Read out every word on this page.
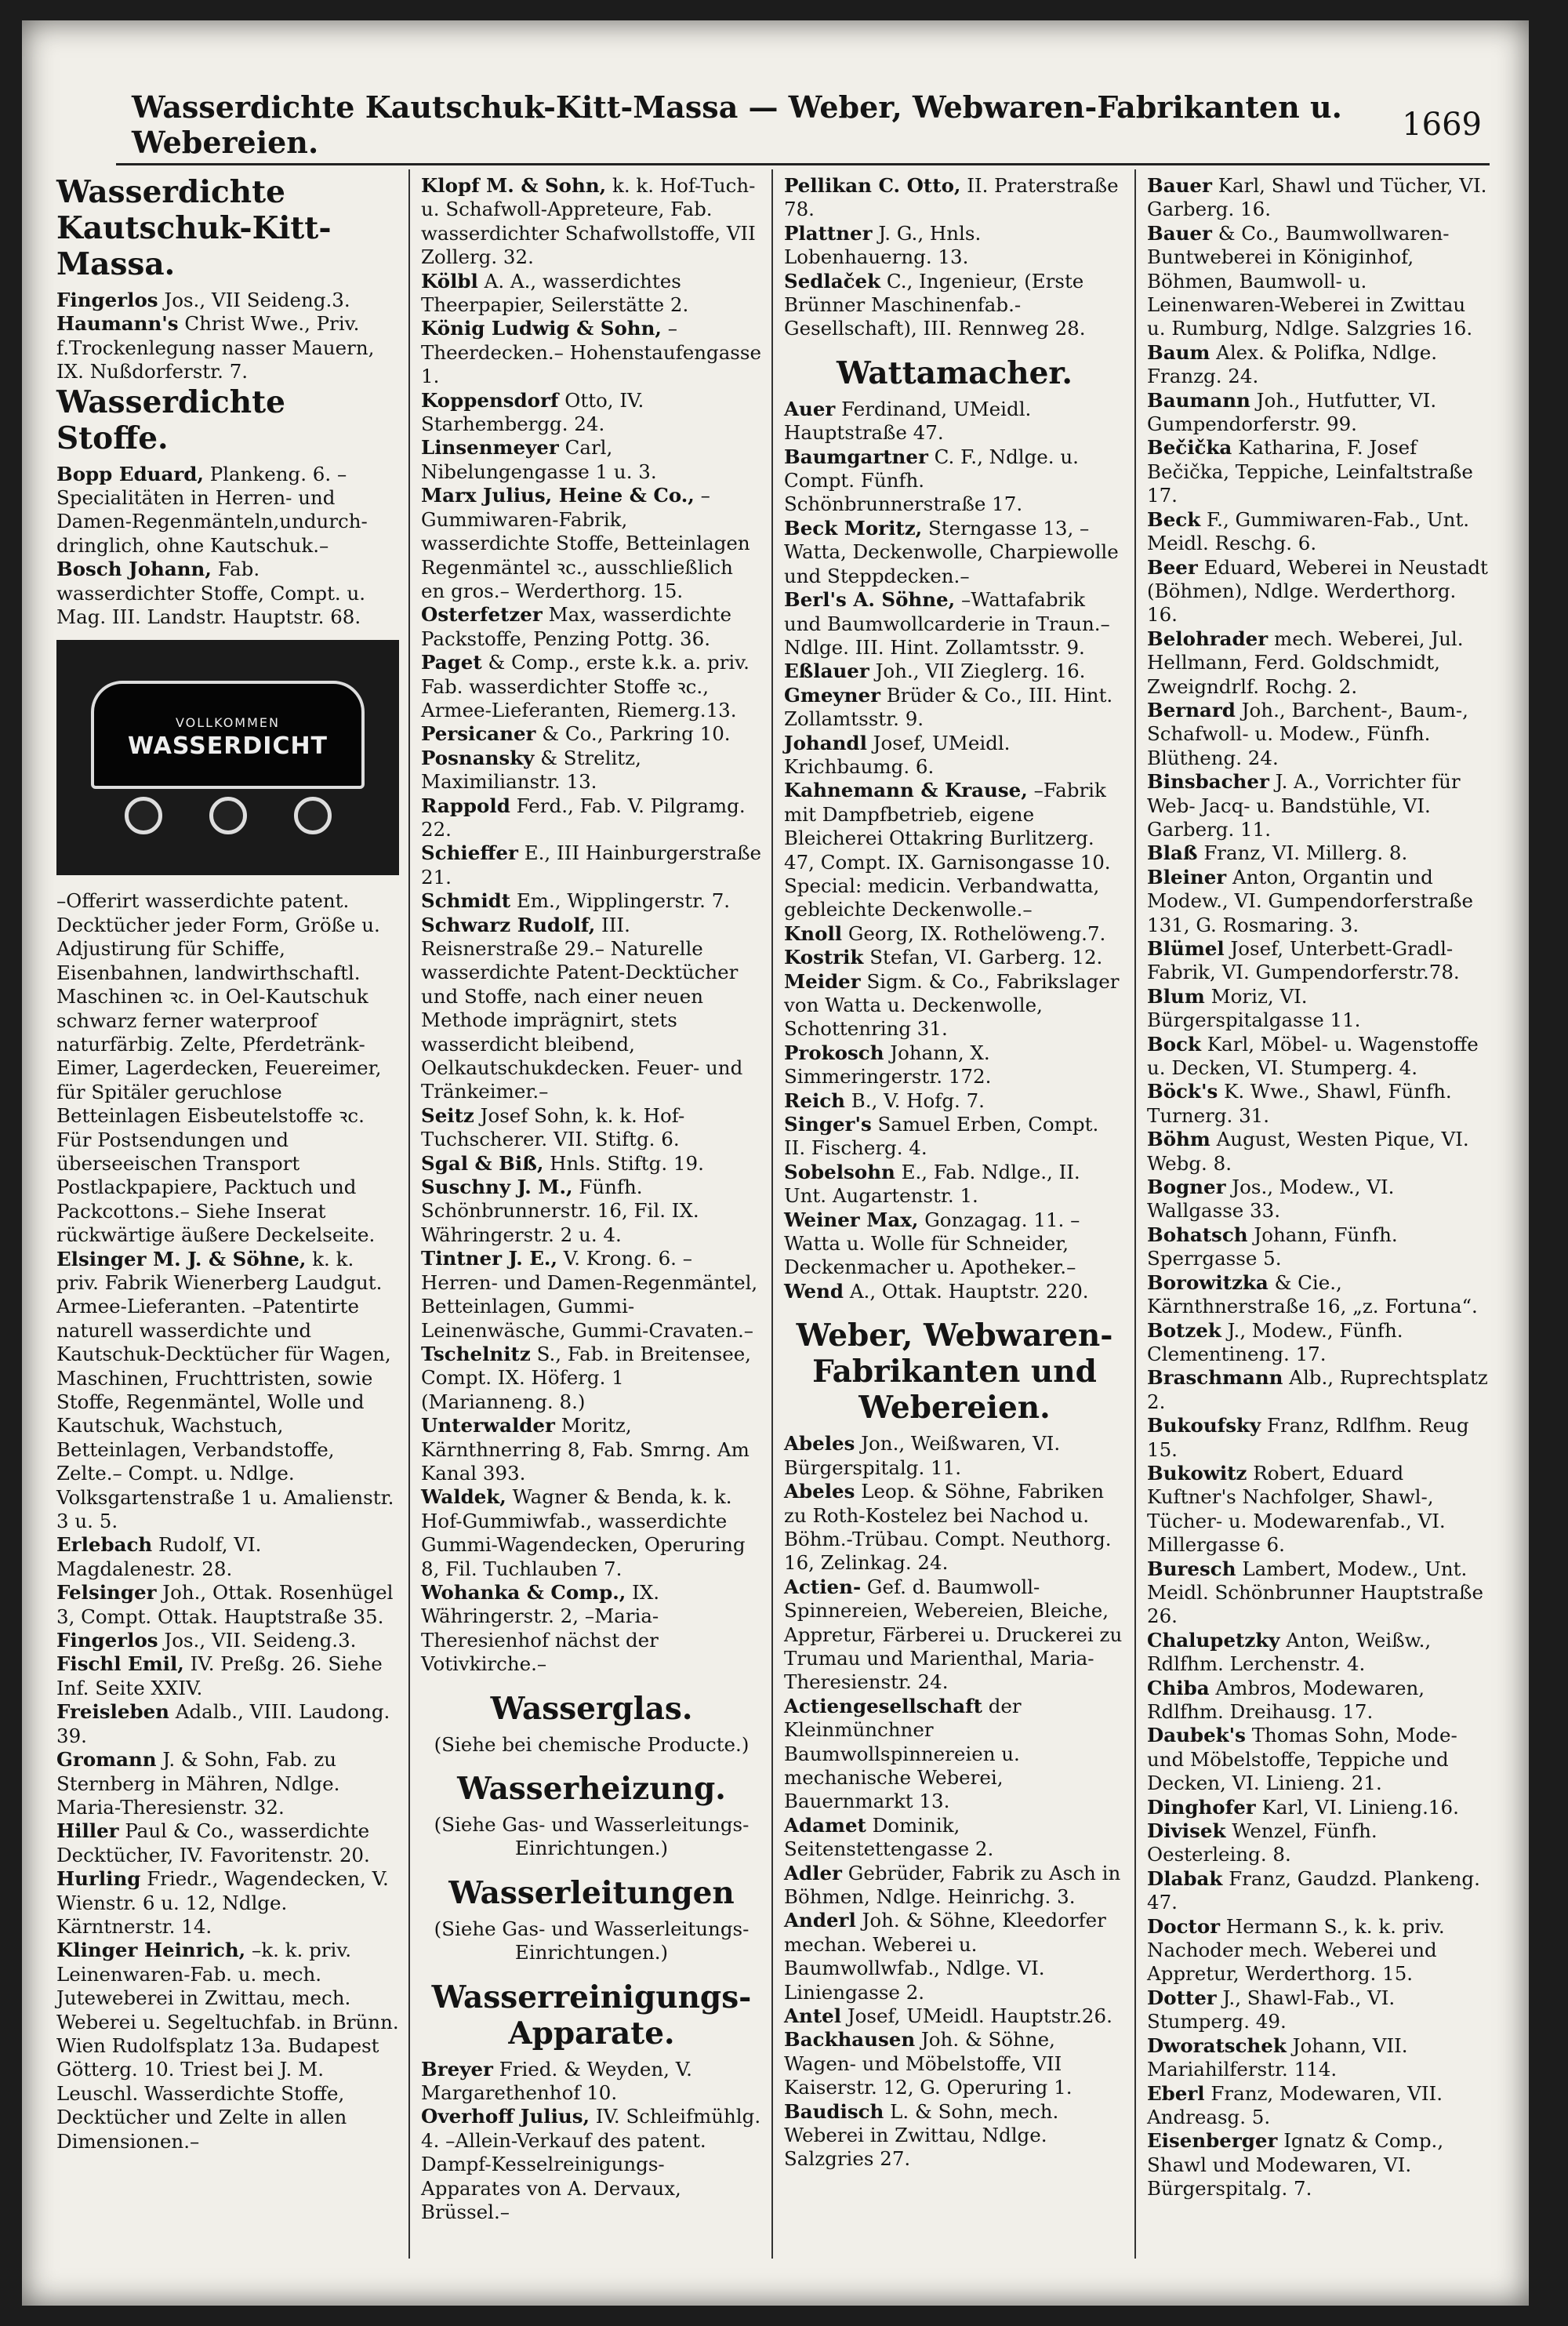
Wasserdichte Kautschuk-Kitt-Massa — Weber, Webwaren-Fabrikanten u. Webereien.	1669
Wasserdichte Kautschuk-Kitt-Massa.

Fingerlos Jos., VII Seideng.3.

Haumann's Christ Wwe., Priv. f.Trockenlegung nasser Mauern, IX. Nußdorferstr. 7.

Wasserdichte Stoffe.

Bopp Eduard, Plankeng. 6. –Specialitäten in Herren- und Damen-Regenmänteln,undurch-dringlich, ohne Kautschuk.–

Bosch Johann, Fab. wasserdichter Stoffe, Compt. u. Mag. III. Landstr. Hauptstr. 68.

VOLLKOMMEN
WASSERDICHT

–Offerirt wasserdichte patent. Decktücher jeder Form, Größe u. Adjustirung für Schiffe, Eisenbahnen, landwirthschaftl. Maschinen ꝛc. in Oel-Kautschuk schwarz ferner waterproof naturfärbig. Zelte, Pferdetränk-Eimer, Lagerdecken, Feuereimer, für Spitäler geruchlose Betteinlagen Eisbeutelstoffe ꝛc. Für Postsendungen und überseeischen Transport Postlackpapiere, Packtuch und Packcottons.– Siehe Inserat rückwärtige äußere Deckelseite.

Elsinger M. J. & Söhne, k. k. priv. Fabrik Wienerberg Laudgut. Armee-Lieferanten. –Patentirte naturell wasserdichte und Kautschuk-Decktücher für Wagen, Maschinen, Fruchttristen, sowie Stoffe, Regenmäntel, Wolle und Kautschuk, Wachstuch, Betteinlagen, Verbandstoffe, Zelte.– Compt. u. Ndlge. Volksgartenstraße 1 u. Amalienstr. 3 u. 5.

Erlebach Rudolf, VI. Magdalenestr. 28.

Felsinger Joh., Ottak. Rosenhügel 3, Compt. Ottak. Hauptstraße 35.

Fingerlos Jos., VII. Seideng.3.

Fischl Emil, IV. Preßg. 26. Siehe Inf. Seite XXIV.

Freisleben Adalb., VIII. Laudong. 39.

Gromann J. & Sohn, Fab. zu Sternberg in Mähren, Ndlge. Maria-Theresienstr. 32.

Hiller Paul & Co., wasserdichte Decktücher, IV. Favoritenstr. 20.

Hurling Friedr., Wagendecken, V. Wienstr. 6 u. 12, Ndlge. Kärntnerstr. 14.

Klinger Heinrich, –k. k. priv. Leinenwaren-Fab. u. mech. Juteweberei in Zwittau, mech. Weberei u. Segeltuchfab. in Brünn. Wien Rudolfsplatz 13a. Budapest Götterg. 10. Triest bei J. M. Leuschl. Wasserdichte Stoffe, Decktücher und Zelte in allen Dimensionen.–

Klopf M. & Sohn, k. k. Hof-Tuch- u. Schafwoll-Appreteure, Fab. wasserdichter Schafwollstoffe, VII Zollerg. 32.

Kölbl A. A., wasserdichtes Theerpapier, Seilerstätte 2.

König Ludwig & Sohn, –Theerdecken.– Hohenstaufengasse 1.

Koppensdorf Otto, IV. Starhembergg. 24.

Linsenmeyer Carl, Nibelungengasse 1 u. 3.

Marx Julius, Heine & Co., –Gummiwaren-Fabrik, wasserdichte Stoffe, Betteinlagen Regenmäntel ꝛc., ausschließlich en gros.– Werderthorg. 15.

Osterfetzer Max, wasserdichte Packstoffe, Penzing Pottg. 36.

Paget & Comp., erste k.k. a. priv. Fab. wasserdichter Stoffe ꝛc., Armee-Lieferanten, Riemerg.13.

Persicaner & Co., Parkring 10.

Posnansky & Strelitz, Maximilianstr. 13.

Rappold Ferd., Fab. V. Pilgramg. 22.

Schieffer E., III Hainburgerstraße 21.

Schmidt Em., Wipplingerstr. 7.

Schwarz Rudolf, III. Reisnerstraße 29.– Naturelle wasserdichte Patent-Decktücher und Stoffe, nach einer neuen Methode imprägnirt, stets wasserdicht bleibend, Oelkautschukdecken. Feuer- und Tränkeimer.–

Seitz Josef Sohn, k. k. Hof-Tuchscherer. VII. Stiftg. 6.

Sgal & Biß, Hnls. Stiftg. 19.

Suschny J. M., Fünfh. Schönbrunnerstr. 16, Fil. IX. Währingerstr. 2 u. 4.

Tintner J. E., V. Krong. 6. –Herren- und Damen-Regenmäntel, Betteinlagen, Gummi-Leinenwäsche, Gummi-Cravaten.–

Tschelnitz S., Fab. in Breitensee, Compt. IX. Höferg. 1 (Marianneng. 8.)

Unterwalder Moritz, Kärnthnerring 8, Fab. Smrng. Am Kanal 393.

Waldek, Wagner & Benda, k. k. Hof-Gummiwfab., wasserdichte Gummi-Wagendecken, Operuring 8, Fil. Tuchlauben 7.

Wohanka & Comp., IX. Währingerstr. 2, –Maria-Theresienhof nächst der Votivkirche.–

Wasserglas.
(Siehe bei chemische Producte.)
Wasserheizung.
(Siehe Gas- und Wasserleitungs-Einrichtungen.)
Wasserleitungen
(Siehe Gas- und Wasserleitungs-Einrichtungen.)
Wasserreinigungs-Apparate.

Breyer Fried. & Weyden, V. Margarethenhof 10.

Overhoff Julius, IV. Schleifmühlg. 4. –Allein-Verkauf des patent. Dampf-Kesselreinigungs-Apparates von A. Dervaux, Brüssel.–

Pellikan C. Otto, II. Praterstraße 78.

Plattner J. G., Hnls. Lobenhauerng. 13.

Sedlaček C., Ingenieur, (Erste Brünner Maschinenfab.-Gesellschaft), III. Rennweg 28.

Wattamacher.

Auer Ferdinand, UMeidl. Hauptstraße 47.

Baumgartner C. F., Ndlge. u. Compt. Fünfh. Schönbrunnerstraße 17.

Beck Moritz, Sterngasse 13, –Watta, Deckenwolle, Charpiewolle und Steppdecken.–

Berl's A. Söhne, –Wattafabrik und Baumwollcarderie in Traun.– Ndlge. III. Hint. Zollamtsstr. 9.

Eßlauer Joh., VII Zieglerg. 16.

Gmeyner Brüder & Co., III. Hint. Zollamtsstr. 9.

Johandl Josef, UMeidl. Krichbaumg. 6.

Kahnemann & Krause, –Fabrik mit Dampfbetrieb, eigene Bleicherei Ottakring Burlitzerg. 47, Compt. IX. Garnisongasse 10. Special: medicin. Verbandwatta, gebleichte Deckenwolle.–

Knoll Georg, IX. Rothelöweng.7.

Kostrik Stefan, VI. Garberg. 12.

Meider Sigm. & Co., Fabrikslager von Watta u. Deckenwolle, Schottenring 31.

Prokosch Johann, X. Simmeringerstr. 172.

Reich B., V. Hofg. 7.

Singer's Samuel Erben, Compt. II. Fischerg. 4.

Sobelsohn E., Fab. Ndlge., II. Unt. Augartenstr. 1.

Weiner Max, Gonzagag. 11. –Watta u. Wolle für Schneider, Deckenmacher u. Apotheker.–

Wend A., Ottak. Hauptstr. 220.

Weber, Webwaren-Fabrikanten und Webereien.

Abeles Jon., Weißwaren, VI. Bürgerspitalg. 11.

Abeles Leop. & Söhne, Fabriken zu Roth-Kostelez bei Nachod u. Böhm.-Trübau. Compt. Neuthorg. 16, Zelinkag. 24.

Actien- Gef. d. Baumwoll-Spinnereien, Webereien, Bleiche, Appretur, Färberei u. Druckerei zu Trumau und Marienthal, Maria-Theresienstr. 24.

Actiengesellschaft der Kleinmünchner Baumwollspinnereien u. mechanische Weberei, Bauernmarkt 13.

Adamet Dominik, Seitenstettengasse 2.

Adler Gebrüder, Fabrik zu Asch in Böhmen, Ndlge. Heinrichg. 3.

Anderl Joh. & Söhne, Kleedorfer mechan. Weberei u. Baumwollwfab., Ndlge. VI. Liniengasse 2.

Antel Josef, UMeidl. Hauptstr.26.

Backhausen Joh. & Söhne, Wagen- und Möbelstoffe, VII Kaiserstr. 12, G. Operuring 1.

Baudisch L. & Sohn, mech. Weberei in Zwittau, Ndlge. Salzgries 27.

Bauer Karl, Shawl und Tücher, VI. Garberg. 16.

Bauer & Co., Baumwollwaren-Buntweberei in Königinhof, Böhmen, Baumwoll- u. Leinenwaren-Weberei in Zwittau u. Rumburg, Ndlge. Salzgries 16.

Baum Alex. & Polifka, Ndlge. Franzg. 24.

Baumann Joh., Hutfutter, VI. Gumpendorferstr. 99.

Bečička Katharina, F. Josef Bečička, Teppiche, Leinfaltstraße 17.

Beck F., Gummiwaren-Fab., Unt. Meidl. Reschg. 6.

Beer Eduard, Weberei in Neustadt (Böhmen), Ndlge. Werderthorg. 16.

Belohrader mech. Weberei, Jul. Hellmann, Ferd. Goldschmidt, Zweigndrlf. Rochg. 2.

Bernard Joh., Barchent-, Baum-, Schafwoll- u. Modew., Fünfh. Blütheng. 24.

Binsbacher J. A., Vorrichter für Web- Jacq- u. Bandstühle, VI. Garberg. 11.

Blaß Franz, VI. Millerg. 8.

Bleiner Anton, Organtin und Modew., VI. Gumpendorferstraße 131, G. Rosmaring. 3.

Blümel Josef, Unterbett-Gradl-Fabrik, VI. Gumpendorferstr.78.

Blum Moriz, VI. Bürgerspitalgasse 11.

Bock Karl, Möbel- u. Wagenstoffe u. Decken, VI. Stumperg. 4.

Böck's K. Wwe., Shawl, Fünfh. Turnerg. 31.

Böhm August, Westen Pique, VI. Webg. 8.

Bogner Jos., Modew., VI. Wallgasse 33.

Bohatsch Johann, Fünfh. Sperrgasse 5.

Borowitzka & Cie., Kärnthnerstraße 16, „z. Fortuna“.

Botzek J., Modew., Fünfh. Clementineng. 17.

Braschmann Alb., Ruprechtsplatz 2.

Bukoufsky Franz, Rdlfhm. Reug 15.

Bukowitz Robert, Eduard Kuftner's Nachfolger, Shawl-, Tücher- u. Modewarenfab., VI. Millergasse 6.

Buresch Lambert, Modew., Unt. Meidl. Schönbrunner Hauptstraße 26.

Chalupetzky Anton, Weißw., Rdlfhm. Lerchenstr. 4.

Chiba Ambros, Modewaren, Rdlfhm. Dreihausg. 17.

Daubek's Thomas Sohn, Mode- und Möbelstoffe, Teppiche und Decken, VI. Linieng. 21.

Dinghofer Karl, VI. Linieng.16.

Divisek Wenzel, Fünfh. Oesterleing. 8.

Dlabak Franz, Gaudzd. Plankeng. 47.

Doctor Hermann S., k. k. priv. Nachoder mech. Weberei und Appretur, Werderthorg. 15.

Dotter J., Shawl-Fab., VI. Stumperg. 49.

Dworatschek Johann, VII. Mariahilferstr. 114.

Eberl Franz, Modewaren, VII. Andreasg. 5.

Eisenberger Ignatz & Comp., Shawl und Modewaren, VI. Bürgerspitalg. 7.
